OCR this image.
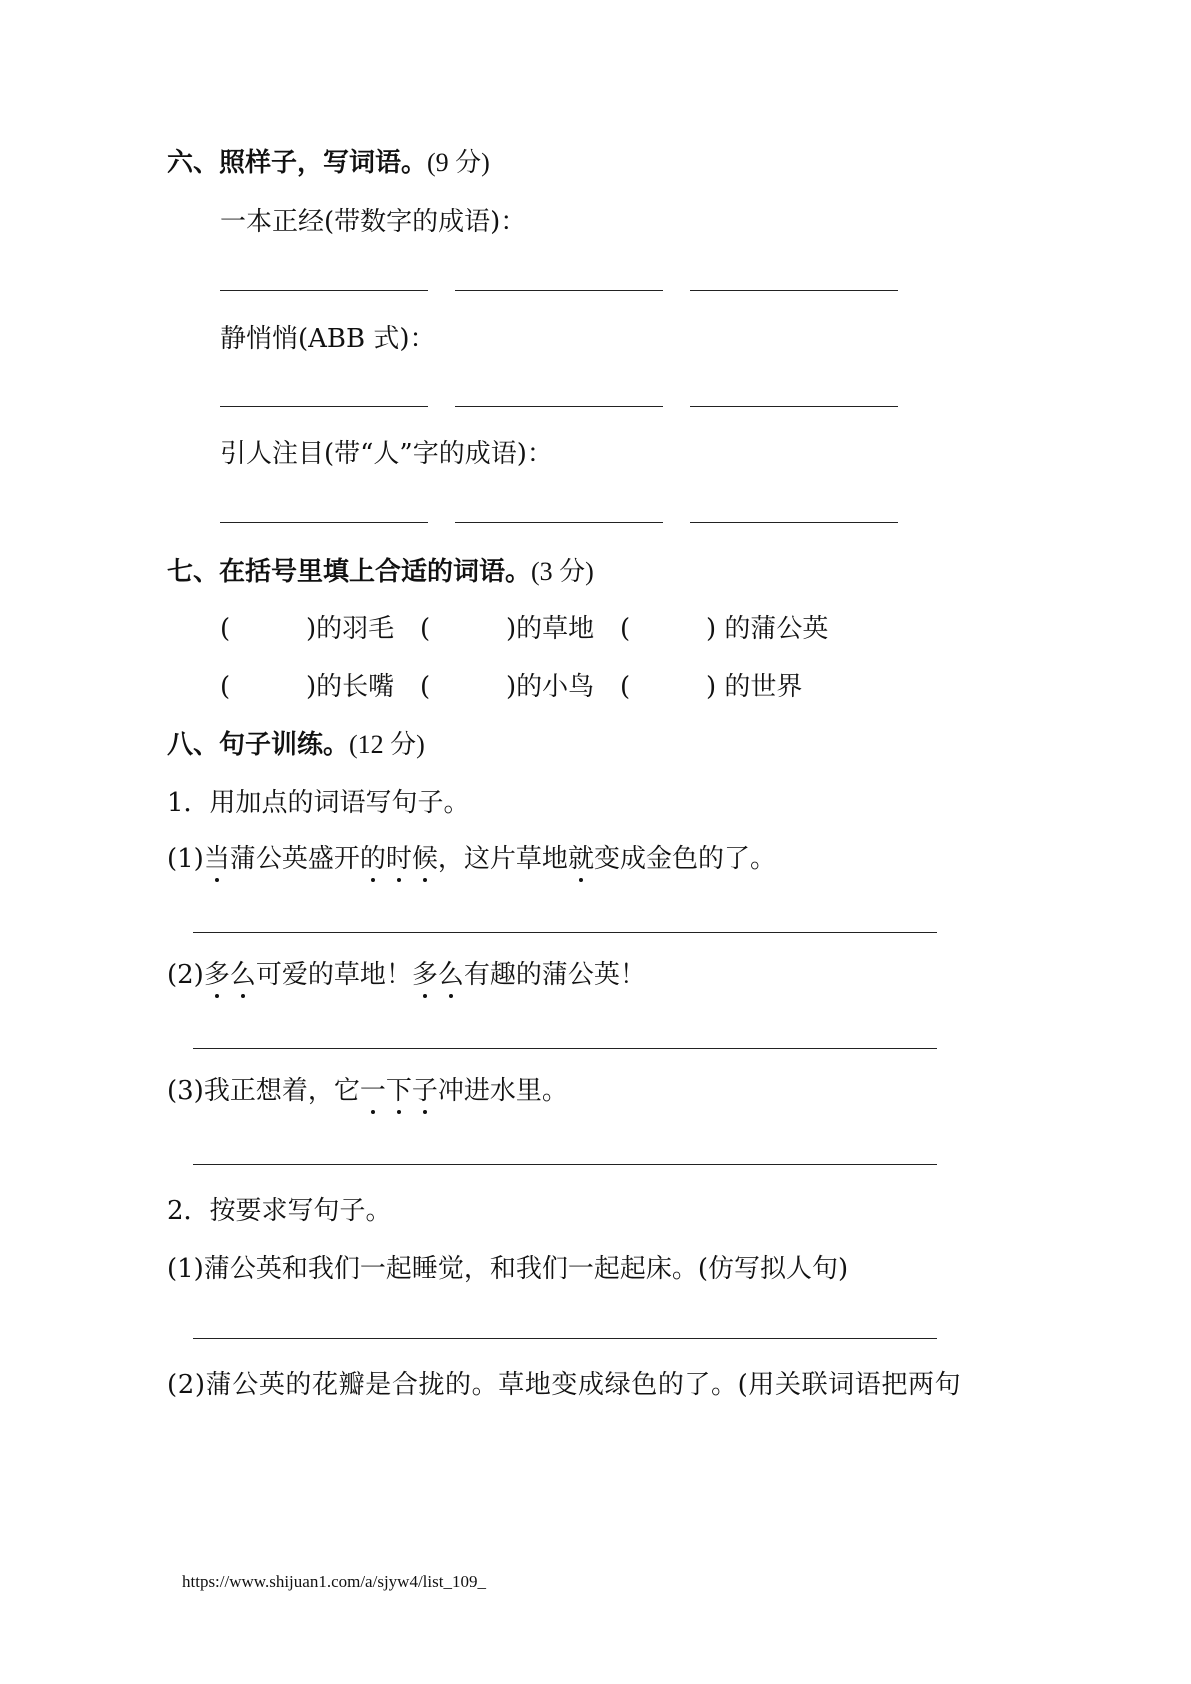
六、照样子，写词语。(9 分)
一本正经(带数字的成语)：
静悄悄(ABB 式)：
引人注目(带“人”字的成语)：
七、在括号里填上合适的词语。(3 分)
(	)的羽毛 (	)的草地 (	) 的蒲公英
(	)的长嘴 (	)的小鸟 (	) 的世界
八、句子训练。(12 分)
1．用加点的词语写句子。
(1)当蒲公英盛开的时候，这片草地就变成金色的了。
(2)多么可爱的草地！多么有趣的蒲公英！
(3)我正想着，它一下子冲进水里。
2．按要求写句子。
(1)蒲公英和我们一起睡觉，和我们一起起床。(仿写拟人句)
(2)蒲公英的花瓣是合拢的。草地变成绿色的了。(用关联词语把两句
https://www.shijuan1.com/a/sjyw4/list_109_
